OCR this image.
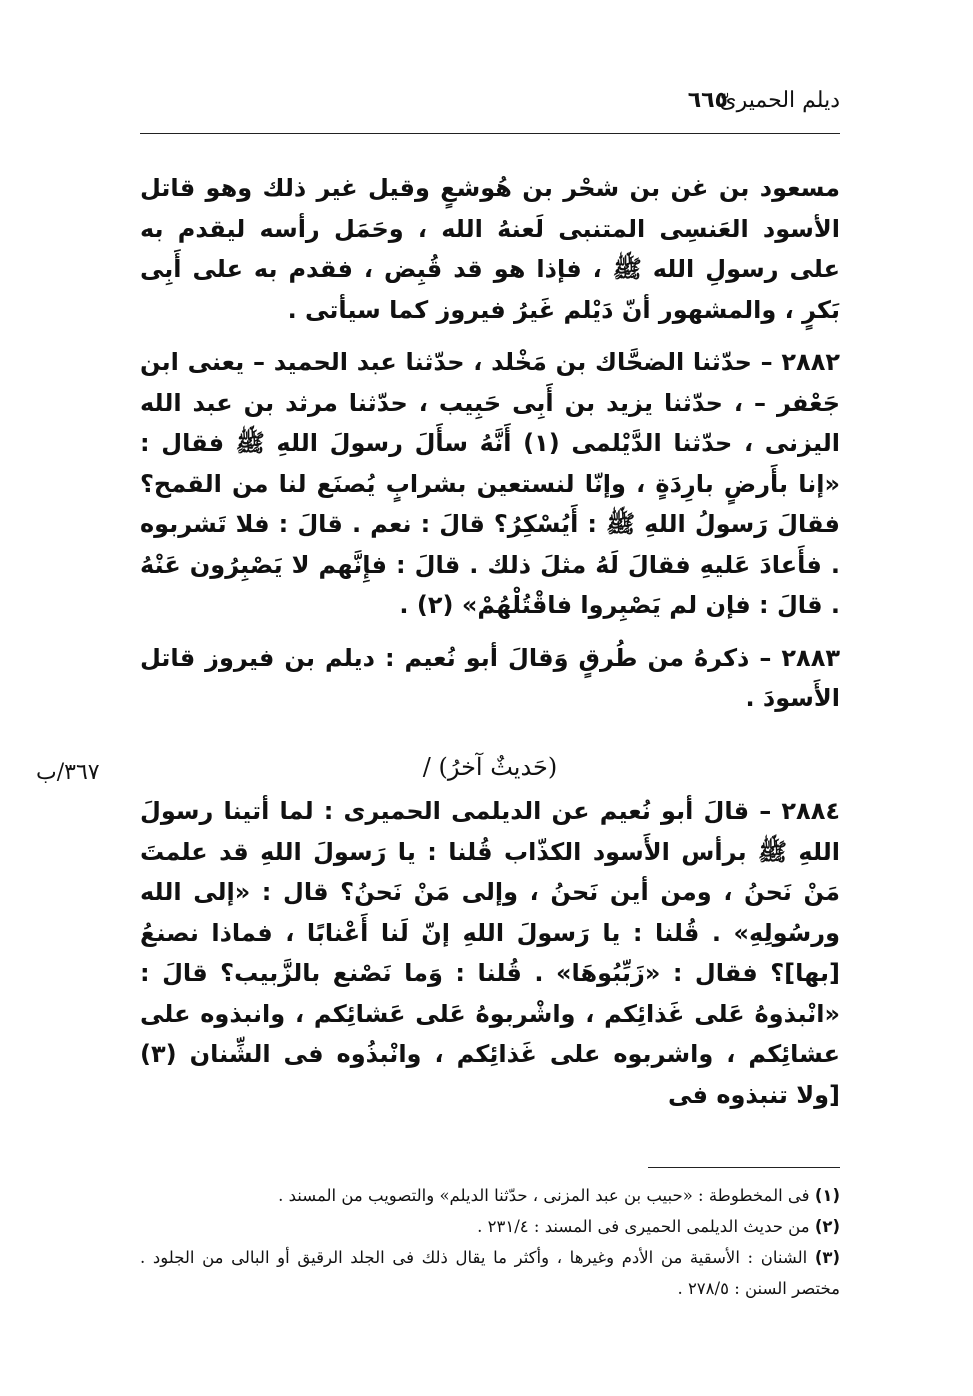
ديلم الحميرىّ
٦٦٥
٣٦٧/ب

مسعود بن غن بن شحْر بن هُوشعٍ وقيل غير ذلك وهو قاتل الأسود العَنسِى المتنبى لَعنهُ الله ، وحَمَل رأسه ليقدم به على رسولِ الله ﷺ ، فإذا هو قد قُبِض ، فقدم به على أَبِى بَكرٍ ، والمشهور أنّ دَيْلم غَيرُ فيروز كما سيأتى .

٢٨٨٢ – حدّثنا الضحَّاك بن مَخْلد ، حدّثنا عبد الحميد – يعنى ابن جَعْفر – ، حدّثنا يزيد بن أَبِى حَبِيب ، حدّثنا مرثد بن عبد الله اليزنى ، حدّثنا الدَّيْلمى (١) أَنَّهُ سأَلَ رسولَ اللهِ ﷺ فقال : «إنا بأَرضٍ بارِدَةٍ ، وإنّا لنستعين بشرابٍ يُصنَع لنا من القمح؟ فقالَ رَسولُ اللهِ ﷺ : أَيُسْكِرُ؟ قالَ : نعم . قالَ : فلا تَشربوه . فأَعادَ عَليهِ فقالَ لَهُ مثلَ ذلك . قالَ : فإِنَّهم لا يَصْبِرُون عَنْهُ . قالَ : فإن لم يَصْبِروا فاقْتُلْهُمْ» (٢) .

٢٨٨٣ – ذكرهُ من طُرقٍ وَقالَ أبو نُعيم : ديلم بن فيروز قاتل الأَسودَ .

(حَديثٌ آخرُ) /

٢٨٨٤ – قالَ أبو نُعيم عن الديلمى الحميرى : لما أتينا رسولَ اللهِ ﷺ برأس الأَسود الكذّاب قُلنا : يا رَسولَ اللهِ قد علمتَ مَنْ نَحنُ ، ومن أين نَحنُ ، وإلى مَنْ نَحنُ؟ قال : «إلى الله ورسُولِهِ» . قُلنا : يا رَسولَ اللهِ إنّ لَنا أَعْنابًا ، فماذا نصنعُ [بها]؟ فقال : «زَبِّبُوهَا» . قُلنا : وَما نَصْنع بالزَّبيب؟ قالَ : «انْبذوهُ عَلى غَذائِكم ، واشْربوهُ عَلى عَشائِكم ، وانبذوه على عشائِكم ، واشربوه على غَذائِكم ، وانْبذُوه فى الشِّنان (٣) [ولا تنبذوه فى

(١) فى المخطوطة : «حبيب بن عبد المزنى ، حدّثنا الديلم» والتصويب من المسند .

(٢) من حديث الديلمى الحميرى فى المسند : ٢٣١/٤ .

(٣) الشنان : الأسقية من الأدم وغيرها ، وأكثر ما يقال ذلك فى الجلد الرقيق أو البالى من الجلود . مختصر السنن : ٢٧٨/٥ .
